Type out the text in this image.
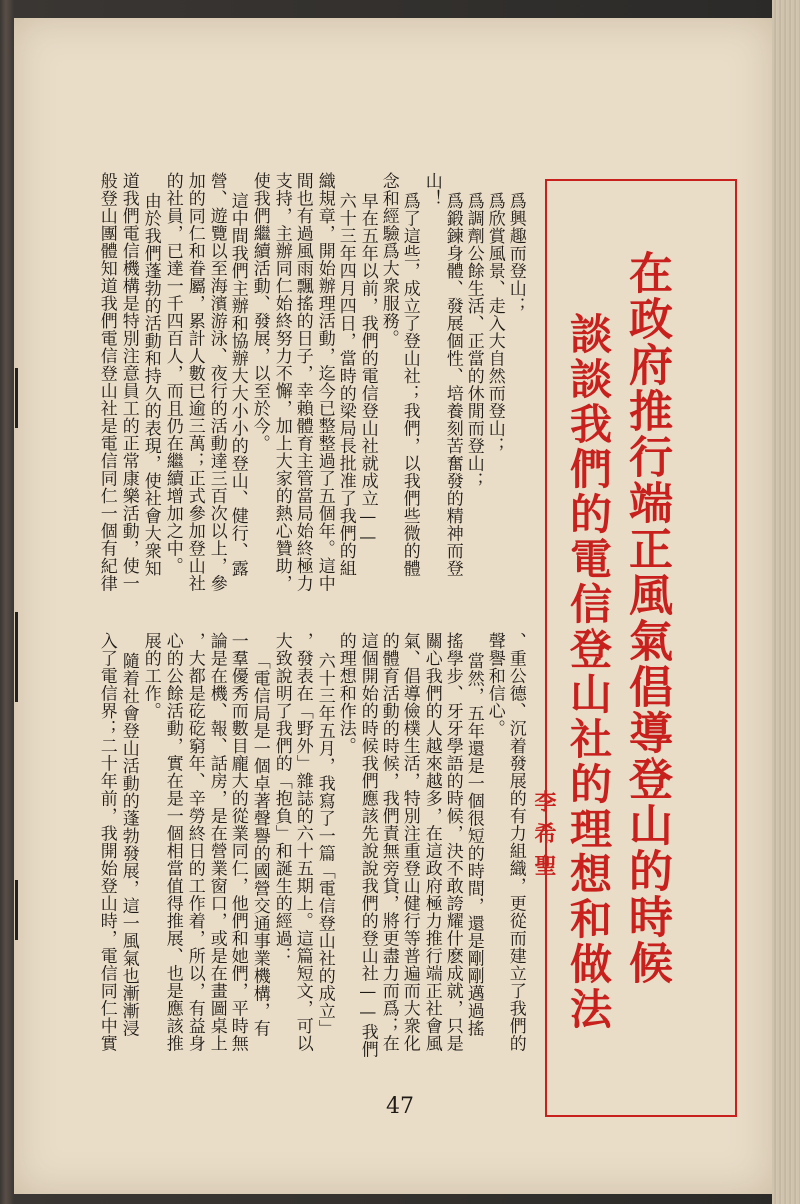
在政府推行端正風氣倡導登山的時候
談談我們的電信登山社的理想和做法
李希聖
爲興趣而登山；
爲欣賞風景、走入大自然而登山；
爲調劑公餘生活、正當的休閒而登山；
爲鍛鍊身體、發展個性、培養刻苦奮發的精神而登
山！
爲了這些，成立了登山社；我們，以我們些微的體
念和經驗爲大衆服務。
早在五年以前，我們的電信登山社就成立——
六十三年四月四日，當時的梁局長批准了我們的組
織規章，開始辦理活動，迄今已整整過了五個年。這中
間也有過風雨飄搖的日子，幸賴體育主管當局始終極力
支持，主辦同仁始終努力不懈，加上大家的熱心贊助，
使我們繼續活動、發展，以至於今。
這中間我們主辦和協辦大大小小的登山、健行、露
營、遊覽以至海濱游泳、夜行的活動達三百次以上，參
加的同仁和眷屬，累計人數已逾三萬；正式參加登山社
的社員，已達一千四百人，而且仍在繼續增加之中。
由於我們蓬勃的活動和持久的表現，使社會大衆知
道我們電信機構是特別注意員工的正常康樂活動，使一
般登山團體知道我們電信登山社是電信同仁一個有紀律
、重公德、沉着發展的有力組織，更從而建立了我們的
聲譽和信心。
當然，五年還是一個很短的時間，還是剛剛邁過搖
搖學步、牙牙學語的時候，決不敢誇耀什麽成就，只是
關心我們的人越來越多，在這政府極力推行端正社會風
氣、倡導儉樸生活，特別注重登山健行等普遍而大衆化
的體育活動的時候，我們責無旁貸，將更盡力而爲；在
這個開始的時候我們應該先說說我們的登山社——我們
的理想和作法。
六十三年五月，我寫了一篇「電信登山社的成立」
，發表在「野外」雜誌的六十五期上。這篇短文，可以
大致說明了我們的「抱負」和誕生的經過：
「電信局是一個卓著聲譽的國營交通事業機構，有
一羣優秀而數目龐大的從業同仁，他們和她們，平時無
論是在機、報、話房，是在營業窗口，或是在畫圖桌上
，大都是矻矻窮年、辛勞終日的工作着，所以，有益身
心的公餘活動，實在是一個相當值得推展、也是應該推
展的工作。
隨着社會登山活動的蓬勃發展，這一風氣也漸漸浸
入了電信界；二十年前，我開始登山時，電信同仁中實
47
